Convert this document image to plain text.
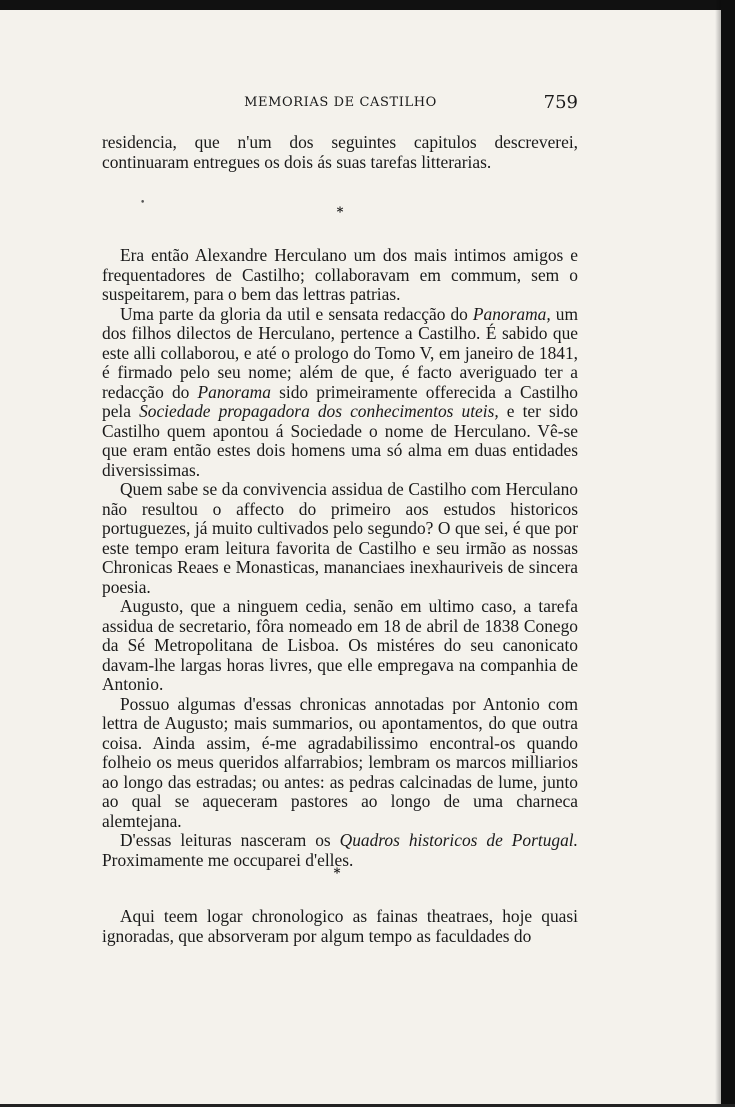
MEMORIAS DE CASTILHO	759

residencia, que n'um dos seguintes capitulos descreverei, continuaram entregues os dois ás suas tarefas litterarias.

•
*

Era então Alexandre Herculano um dos mais intimos amigos e frequentadores de Castilho; collaboravam em commum, sem o suspeitarem, para o bem das lettras patrias.

Uma parte da gloria da util e sensata redacção do Panorama, um dos filhos dilectos de Herculano, pertence a Castilho. É sabido que este alli collaborou, e até o prologo do Tomo V, em janeiro de 1841, é firmado pelo seu nome; além de que, é facto averiguado ter a redacção do Panorama sido primeiramente offerecida a Castilho pela Sociedade propagadora dos conhecimentos uteis, e ter sido Castilho quem apontou á Sociedade o nome de Herculano. Vê-se que eram então estes dois homens uma só alma em duas entidades diversissimas.

Quem sabe se da convivencia assidua de Castilho com Herculano não resultou o affecto do primeiro aos estudos historicos portuguezes, já muito cultivados pelo segundo? O que sei, é que por este tempo eram leitura favorita de Castilho e seu irmão as nossas Chronicas Reaes e Monasticas, mananciaes inexhauriveis de sincera poesia.

Augusto, que a ninguem cedia, senão em ultimo caso, a tarefa assidua de secretario, fôra nomeado em 18 de abril de 1838 Conego da Sé Metropolitana de Lisboa. Os mistéres do seu canonicato davam-lhe largas horas livres, que elle empregava na companhia de Antonio.

Possuo algumas d'essas chronicas annotadas por Antonio com lettra de Augusto; mais summarios, ou apontamentos, do que outra coisa. Ainda assim, é-me agradabilissimo encontral-os quando folheio os meus queridos alfarrabios; lembram os marcos milliarios ao longo das estradas; ou antes: as pedras calcinadas de lume, junto ao qual se aqueceram pastores ao longo de uma charneca alemtejana.

D'essas leituras nasceram os Quadros historicos de Portugal. Proximamente me occuparei d'elles.

*

Aqui teem logar chronologico as fainas theatraes, hoje quasi ignoradas, que absorveram por algum tempo as faculdades do
